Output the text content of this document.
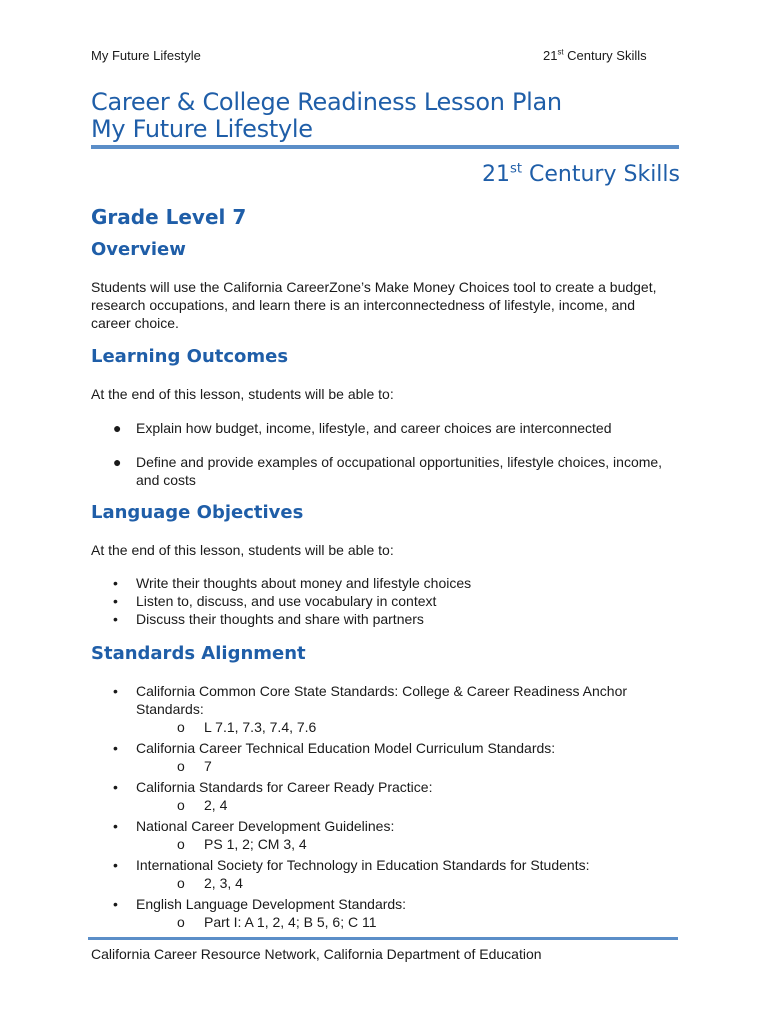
My Future Lifestyle	21st Century Skills
Career & College Readiness Lesson Plan
My Future Lifestyle
21st Century Skills
Grade Level 7
Overview
Students will use the California CareerZone’s Make Money Choices tool to create a budget, research occupations, and learn there is an interconnectedness of lifestyle, income, and career choice.
Learning Outcomes
At the end of this lesson, students will be able to:
● Explain how budget, income, lifestyle, and career choices are interconnected
● Define and provide examples of occupational opportunities, lifestyle choices, income, and costs
Language Objectives
At the end of this lesson, students will be able to:
• Write their thoughts about money and lifestyle choices
• Listen to, discuss, and use vocabulary in context
• Discuss their thoughts and share with partners
Standards Alignment
• California Common Core State Standards: College & Career Readiness Anchor Standards:
o L 7.1, 7.3, 7.4, 7.6
• California Career Technical Education Model Curriculum Standards:
o 7
• California Standards for Career Ready Practice:
o 2, 4
• National Career Development Guidelines:
o PS 1, 2; CM 3, 4
• International Society for Technology in Education Standards for Students:
o 2, 3, 4
• English Language Development Standards:
o Part I: A 1, 2, 4; B 5, 6; C 11
California Career Resource Network, California Department of Education
